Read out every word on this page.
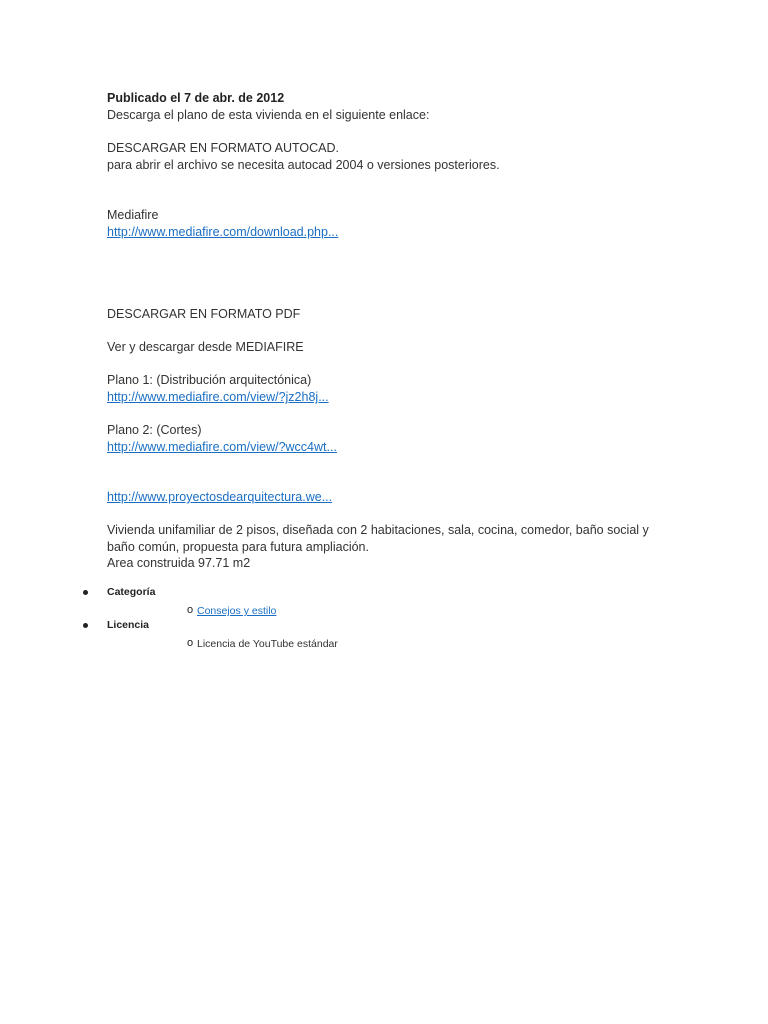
Publicado el 7 de abr. de 2012
Descarga el plano de esta vivienda en el siguiente enlace:
DESCARGAR EN FORMATO AUTOCAD.
para abrir el archivo se necesita autocad 2004 o versiones posteriores.
Mediafire
http://www.mediafire.com/download.php...
DESCARGAR EN FORMATO PDF
Ver y descargar desde MEDIAFIRE
Plano 1: (Distribución arquitectónica)
http://www.mediafire.com/view/?jz2h8j...
Plano 2: (Cortes)
http://www.mediafire.com/view/?wcc4wt...
http://www.proyectosdearquitectura.we...
Vivienda unifamiliar de 2 pisos, diseñada con 2 habitaciones, sala, cocina, comedor, baño social y baño común, propuesta para futura ampliación.
Area construida 97.71 m2
Categoría
o Consejos y estilo
Licencia
o Licencia de YouTube estándar
